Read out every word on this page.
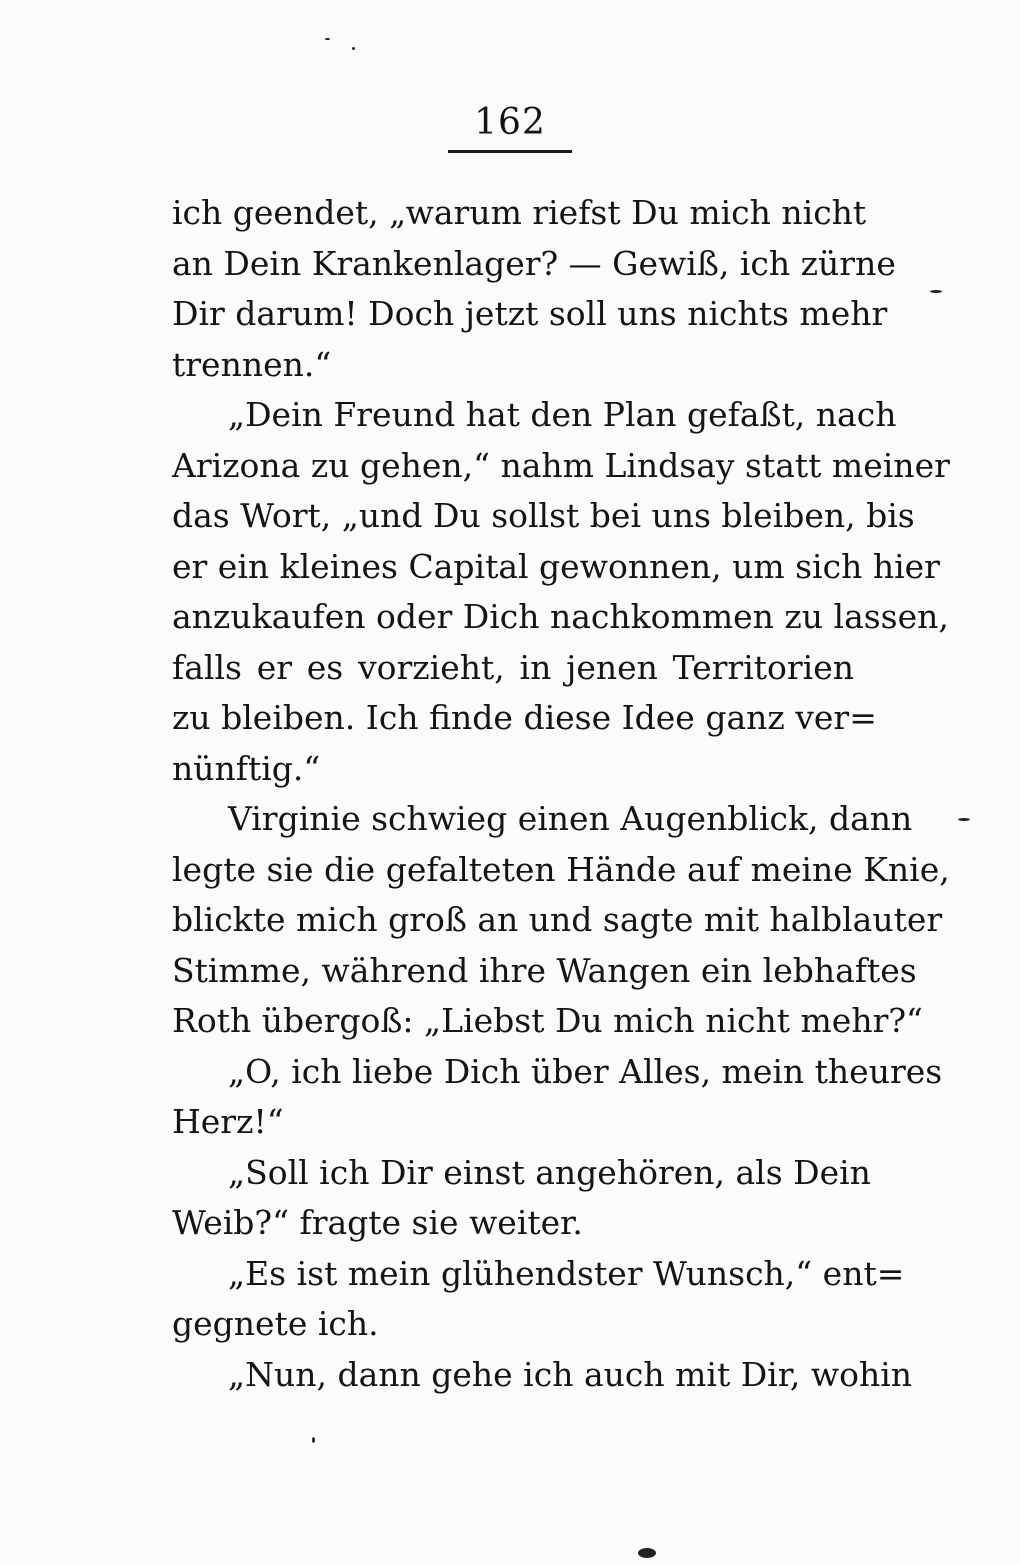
162
ich geendet, „warum riefst Du mich nicht
an Dein Krankenlager? — Gewiß, ich zürne
Dir darum! Doch jetzt soll uns nichts mehr
trennen.“
„Dein Freund hat den Plan gefaßt, nach
Arizona zu gehen,“ nahm Lindsay statt meiner
das Wort, „und Du sollst bei uns bleiben, bis
er ein kleines Capital gewonnen, um sich hier
anzukaufen oder Dich nachkommen zu lassen,
falls er es vorzieht, in jenen Territorien
zu bleiben. Ich finde diese Idee ganz ver=
nünftig.“
Virginie schwieg einen Augenblick, dann
legte sie die gefalteten Hände auf meine Knie,
blickte mich groß an und sagte mit halblauter
Stimme, während ihre Wangen ein lebhaftes
Roth übergoß: „Liebst Du mich nicht mehr?“
„O, ich liebe Dich über Alles, mein theures
Herz!“
„Soll ich Dir einst angehören, als Dein
Weib?“ fragte sie weiter.
„Es ist mein glühendster Wunsch,“ ent=
gegnete ich.
„Nun, dann gehe ich auch mit Dir, wohin
